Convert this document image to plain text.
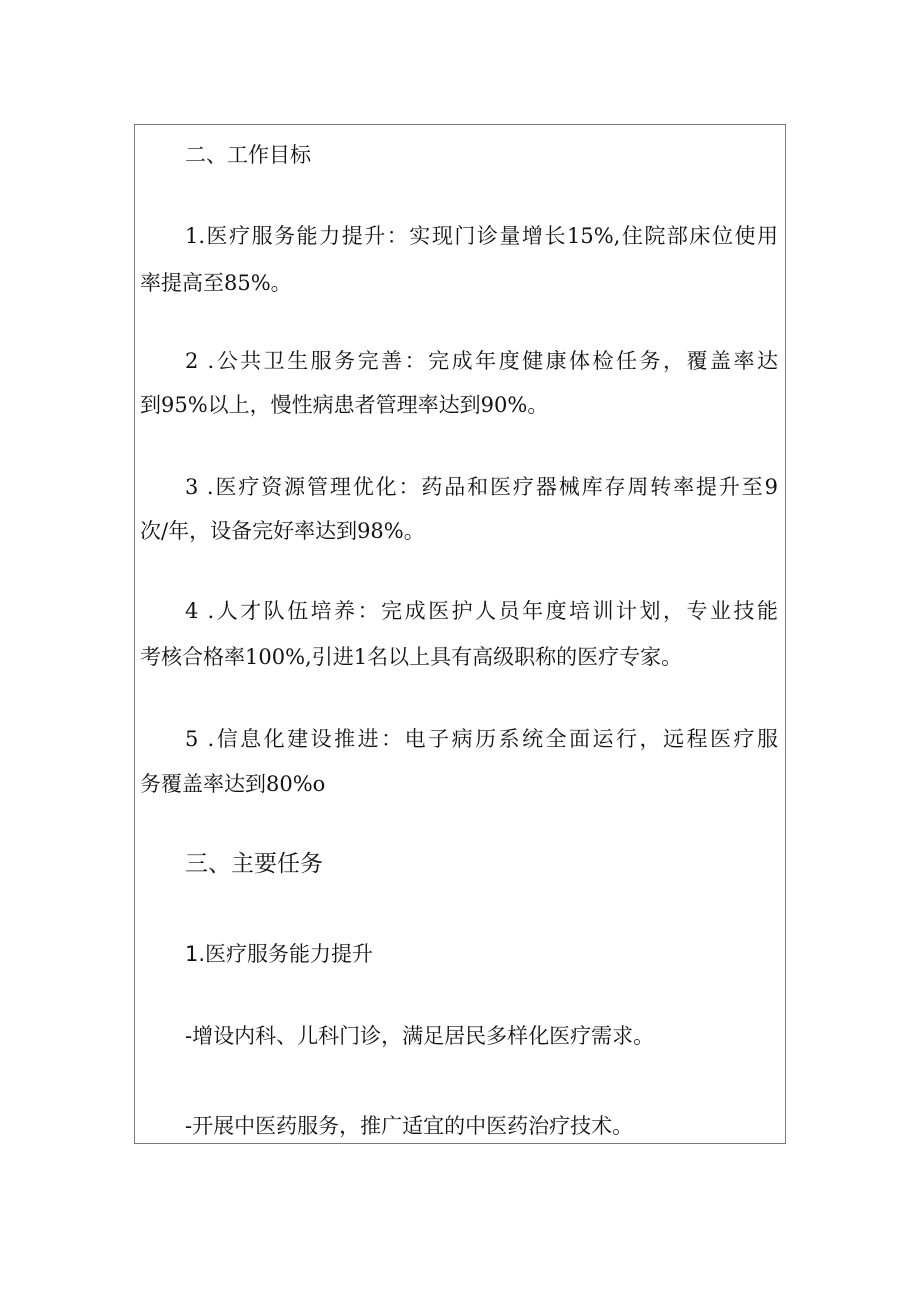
二、工作目标
1.医疗服务能力提升：实现门诊量增长15%,住院部床位使用
率提高至85%。
2 .公共卫生服务完善：完成年度健康体检任务，覆盖率达
到95%以上，慢性病患者管理率达到90%。
3 .医疗资源管理优化：药品和医疗器械库存周转率提升至9
次/年，设备完好率达到98%。
4 .人才队伍培养：完成医护人员年度培训计划，专业技能
考核合格率100%,引进1名以上具有高级职称的医疗专家。
5 .信息化建设推进：电子病历系统全面运行，远程医疗服
务覆盖率达到80%o
三、主要任务
1.医疗服务能力提升
-增设内科、儿科门诊，满足居民多样化医疗需求。
-开展中医药服务，推广适宜的中医药治疗技术。
